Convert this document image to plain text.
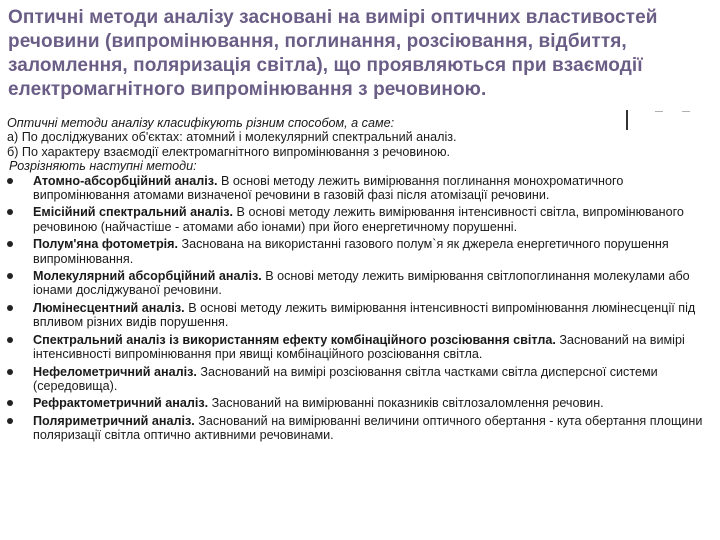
Оптичні методи аналізу засновані на вимірі оптичних властивостей речовини (випромінювання, поглинання, розсіювання, відбиття, заломлення, поляризація світла), що проявляються при взаємодії електромагнітного випромінювання з речовиною.

Оптичні методи аналізу класифікують різним способом, а саме:

а) По досліджуваних об'єктах: атомний і молекулярний спектральний аналіз.

б) По характеру взаємодії електромагнітного випромінювання з речовиною.

Розрізняють наступні методи:

Атомно-абсорбційний аналіз. В основі методу лежить вимірювання поглинання монохроматичного випромінювання атомами визначеної речовини в газовій фазі після атомізації речовини.
Емісійний спектральний аналіз. В основі методу лежить вимірювання інтенсивності світла, випромінюваного речовиною (найчастіше - атомами або іонами) при його енергетичному порушенні.
Полум'яна фотометрія. Заснована на використанні газового полум`я як джерела енергетичного порушення випромінювання.
Молекулярний абсорбційний аналіз. В основі методу лежить вимірювання світлопоглинання молекулами або іонами досліджуваної речовини.
Люмінесцентний аналіз. В основі методу лежить вимірювання інтенсивності випромінювання люмінесценції під впливом різних видів порушення.
Спектральний аналіз із використанням ефекту комбінаційного розсіювання світла. Заснований на вимірі інтенсивності випромінювання при явищі комбінаційного розсіювання світла.
Нефелометричний аналіз. Заснований на вимірі розсіювання світла частками світла дисперсної системи (середовища).
Рефрактометричний аналіз. Заснований на вимірюванні показників світлозаломлення речовин.
Поляриметричний аналіз. Заснований на вимірюванні величини оптичного обертання - кута обертання площини поляризації світла оптично активними речовинами.
